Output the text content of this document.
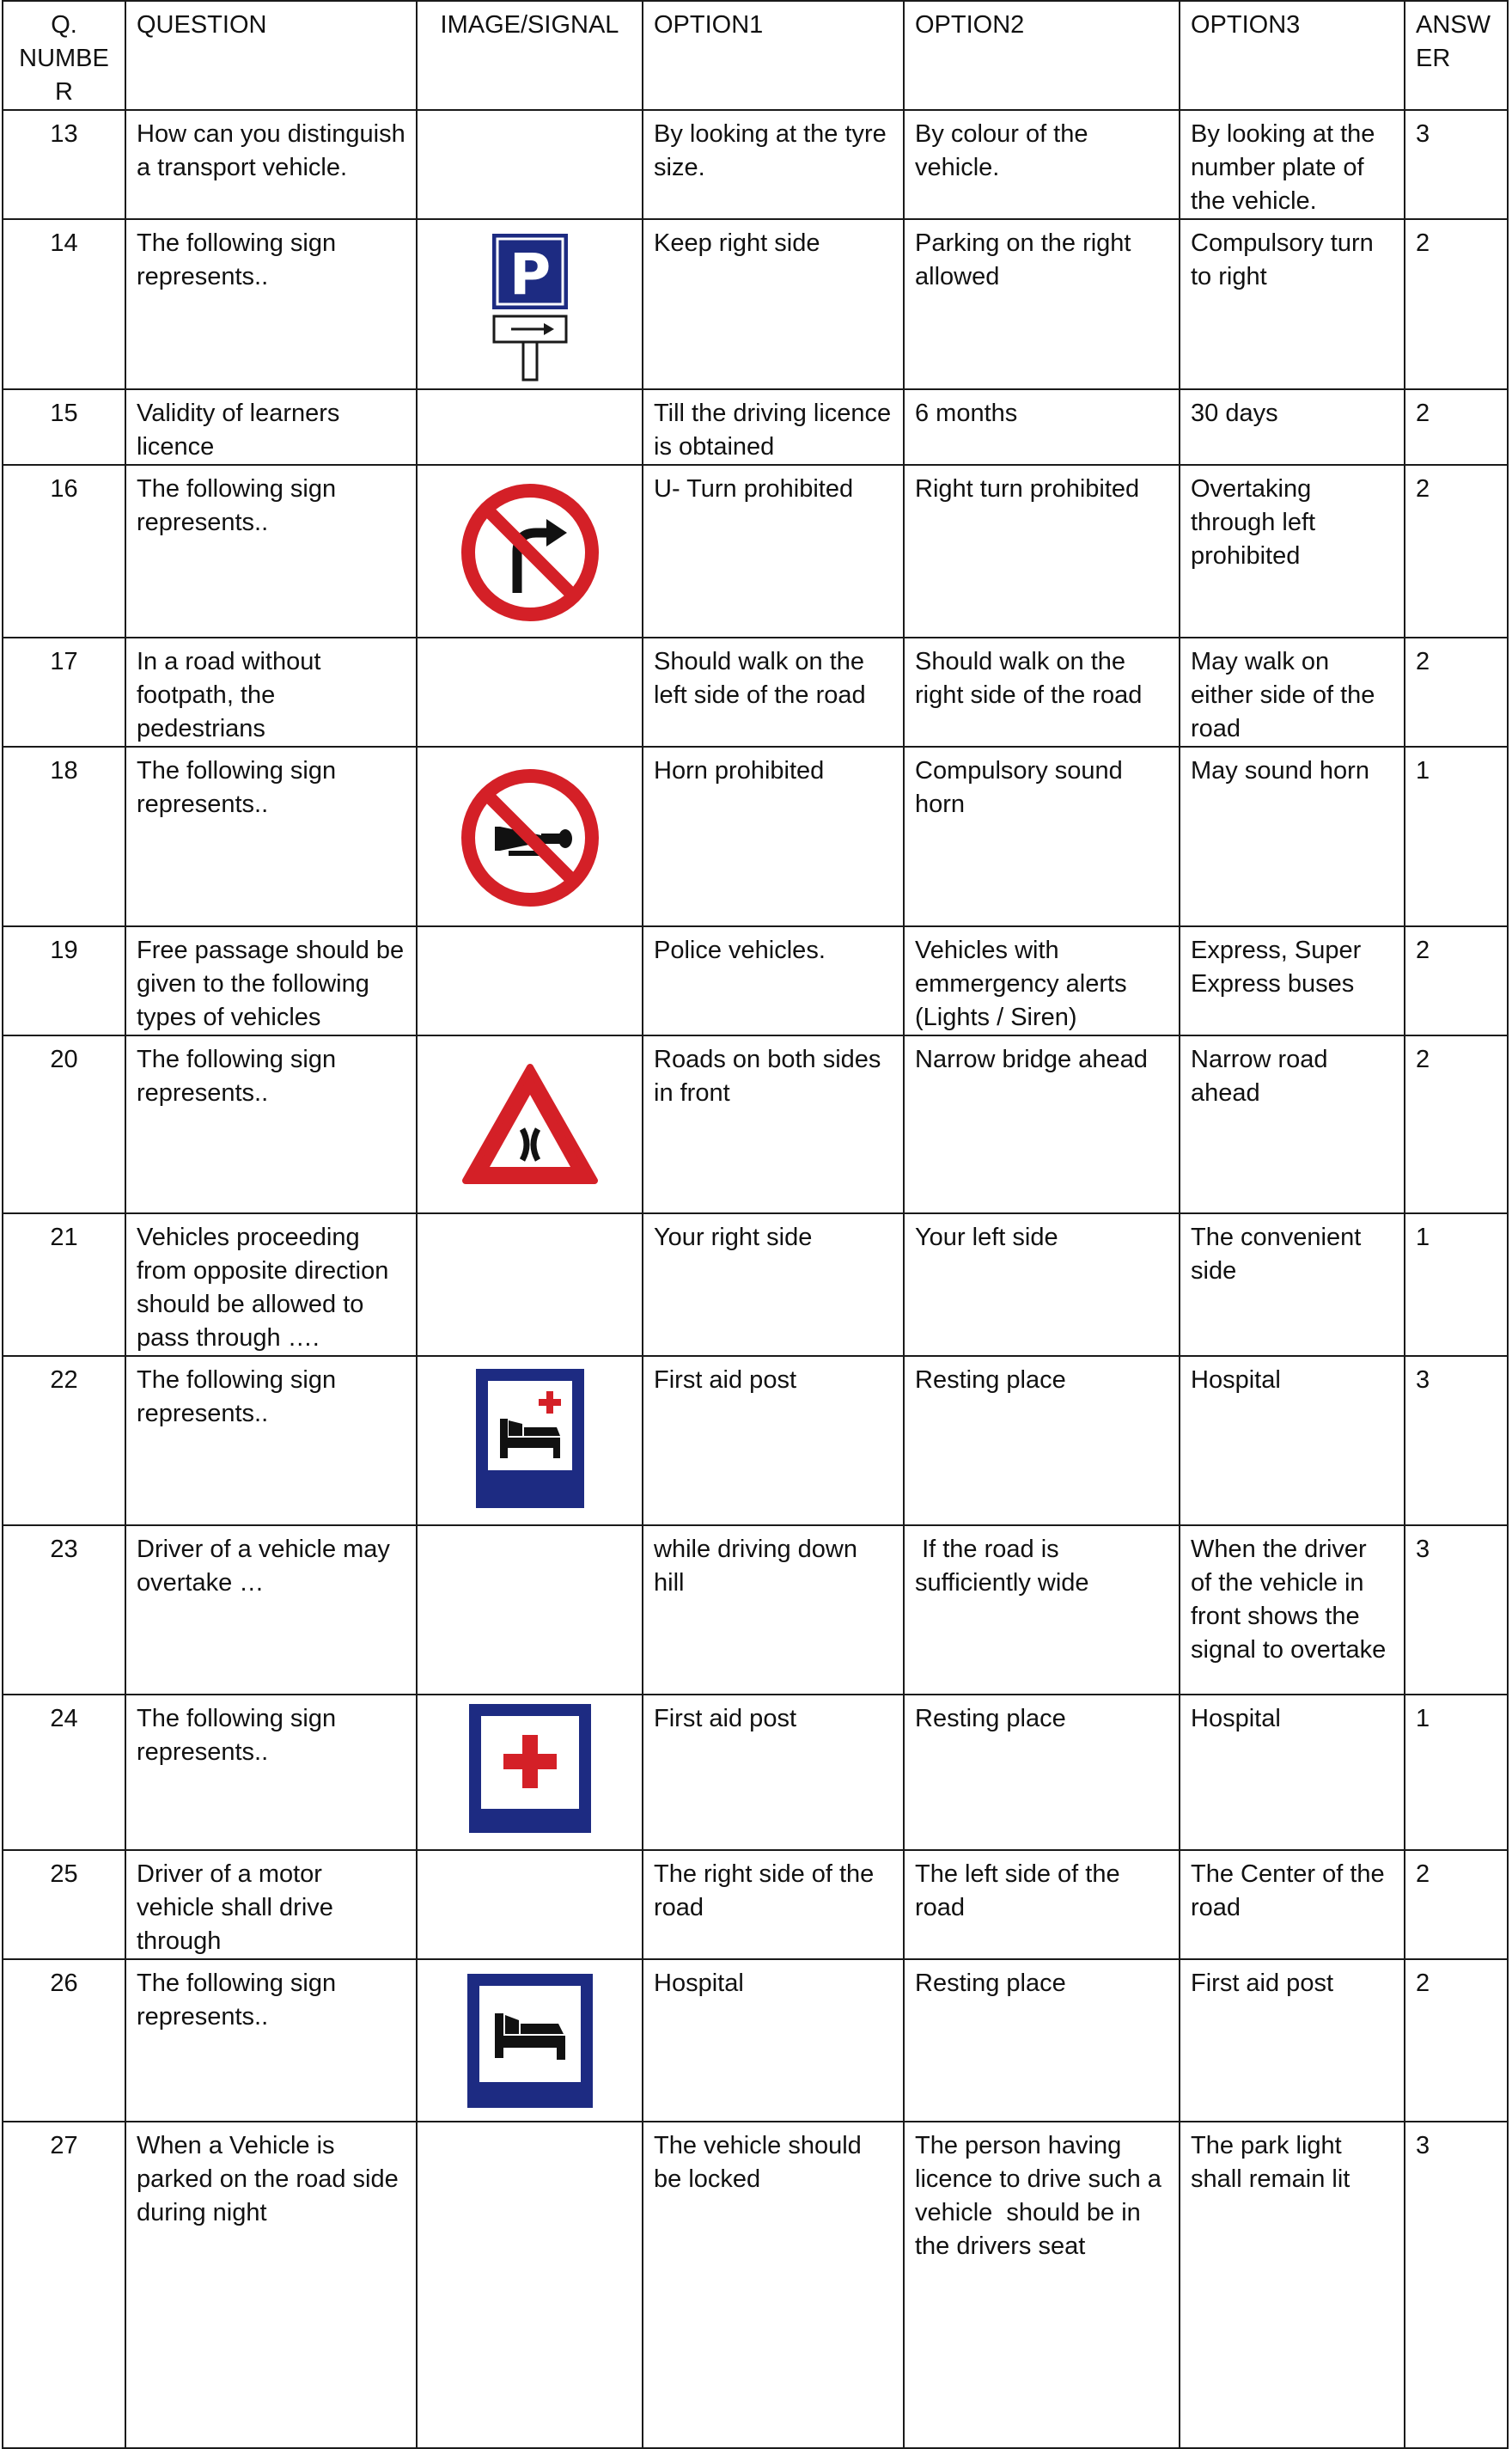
Q. NUMBE R	QUESTION	IMAGE/SIGNAL	OPTION1	OPTION2	OPTION3	ANSW ER
13	How can you distinguish a transport vehicle.		By looking at the tyre size.	By colour of the vehicle.	By looking at the number plate of the vehicle.	3
14	The following sign represents..	P	Keep right side	Parking on the right allowed	Compulsory turn to right	2
15	Validity of learners licence		Till the driving licence is obtained	6 months	30 days	2
16	The following sign represents..		U- Turn prohibited	Right turn prohibited	Overtaking through left prohibited	2
17	In a road without footpath, the pedestrians		Should walk on the left side of the road	Should walk on the right side of the road	May walk on either side of the road	2
18	The following sign represents..		Horn prohibited	Compulsory sound horn	May sound horn	1
19	Free passage should be given to the following types of vehicles		Police vehicles.	Vehicles with emmergency alerts (Lights / Siren)	Express, Super Express buses	2
20	The following sign represents..		Roads on both sides in front	Narrow bridge ahead	Narrow road ahead	2
21	Vehicles proceeding from opposite direction should be allowed to pass through ….		Your right side	Your left side	The convenient side	1
22	The following sign represents..		First aid post	Resting place	Hospital	3
23	Driver of a vehicle may overtake …		while driving down hill	If the road is sufficiently wide	When the driver of the vehicle in front shows the signal to overtake	3
24	The following sign represents..		First aid post	Resting place	Hospital	1
25	Driver of a motor vehicle shall drive through		The right side of the road	The left side of the road	The Center of the road	2
26	The following sign represents..		Hospital	Resting place	First aid post	2
27	When a Vehicle is parked on the road side during night		The vehicle should be locked	The person having licence to drive such a vehicle  should be in the drivers seat	The park light shall remain lit	3
